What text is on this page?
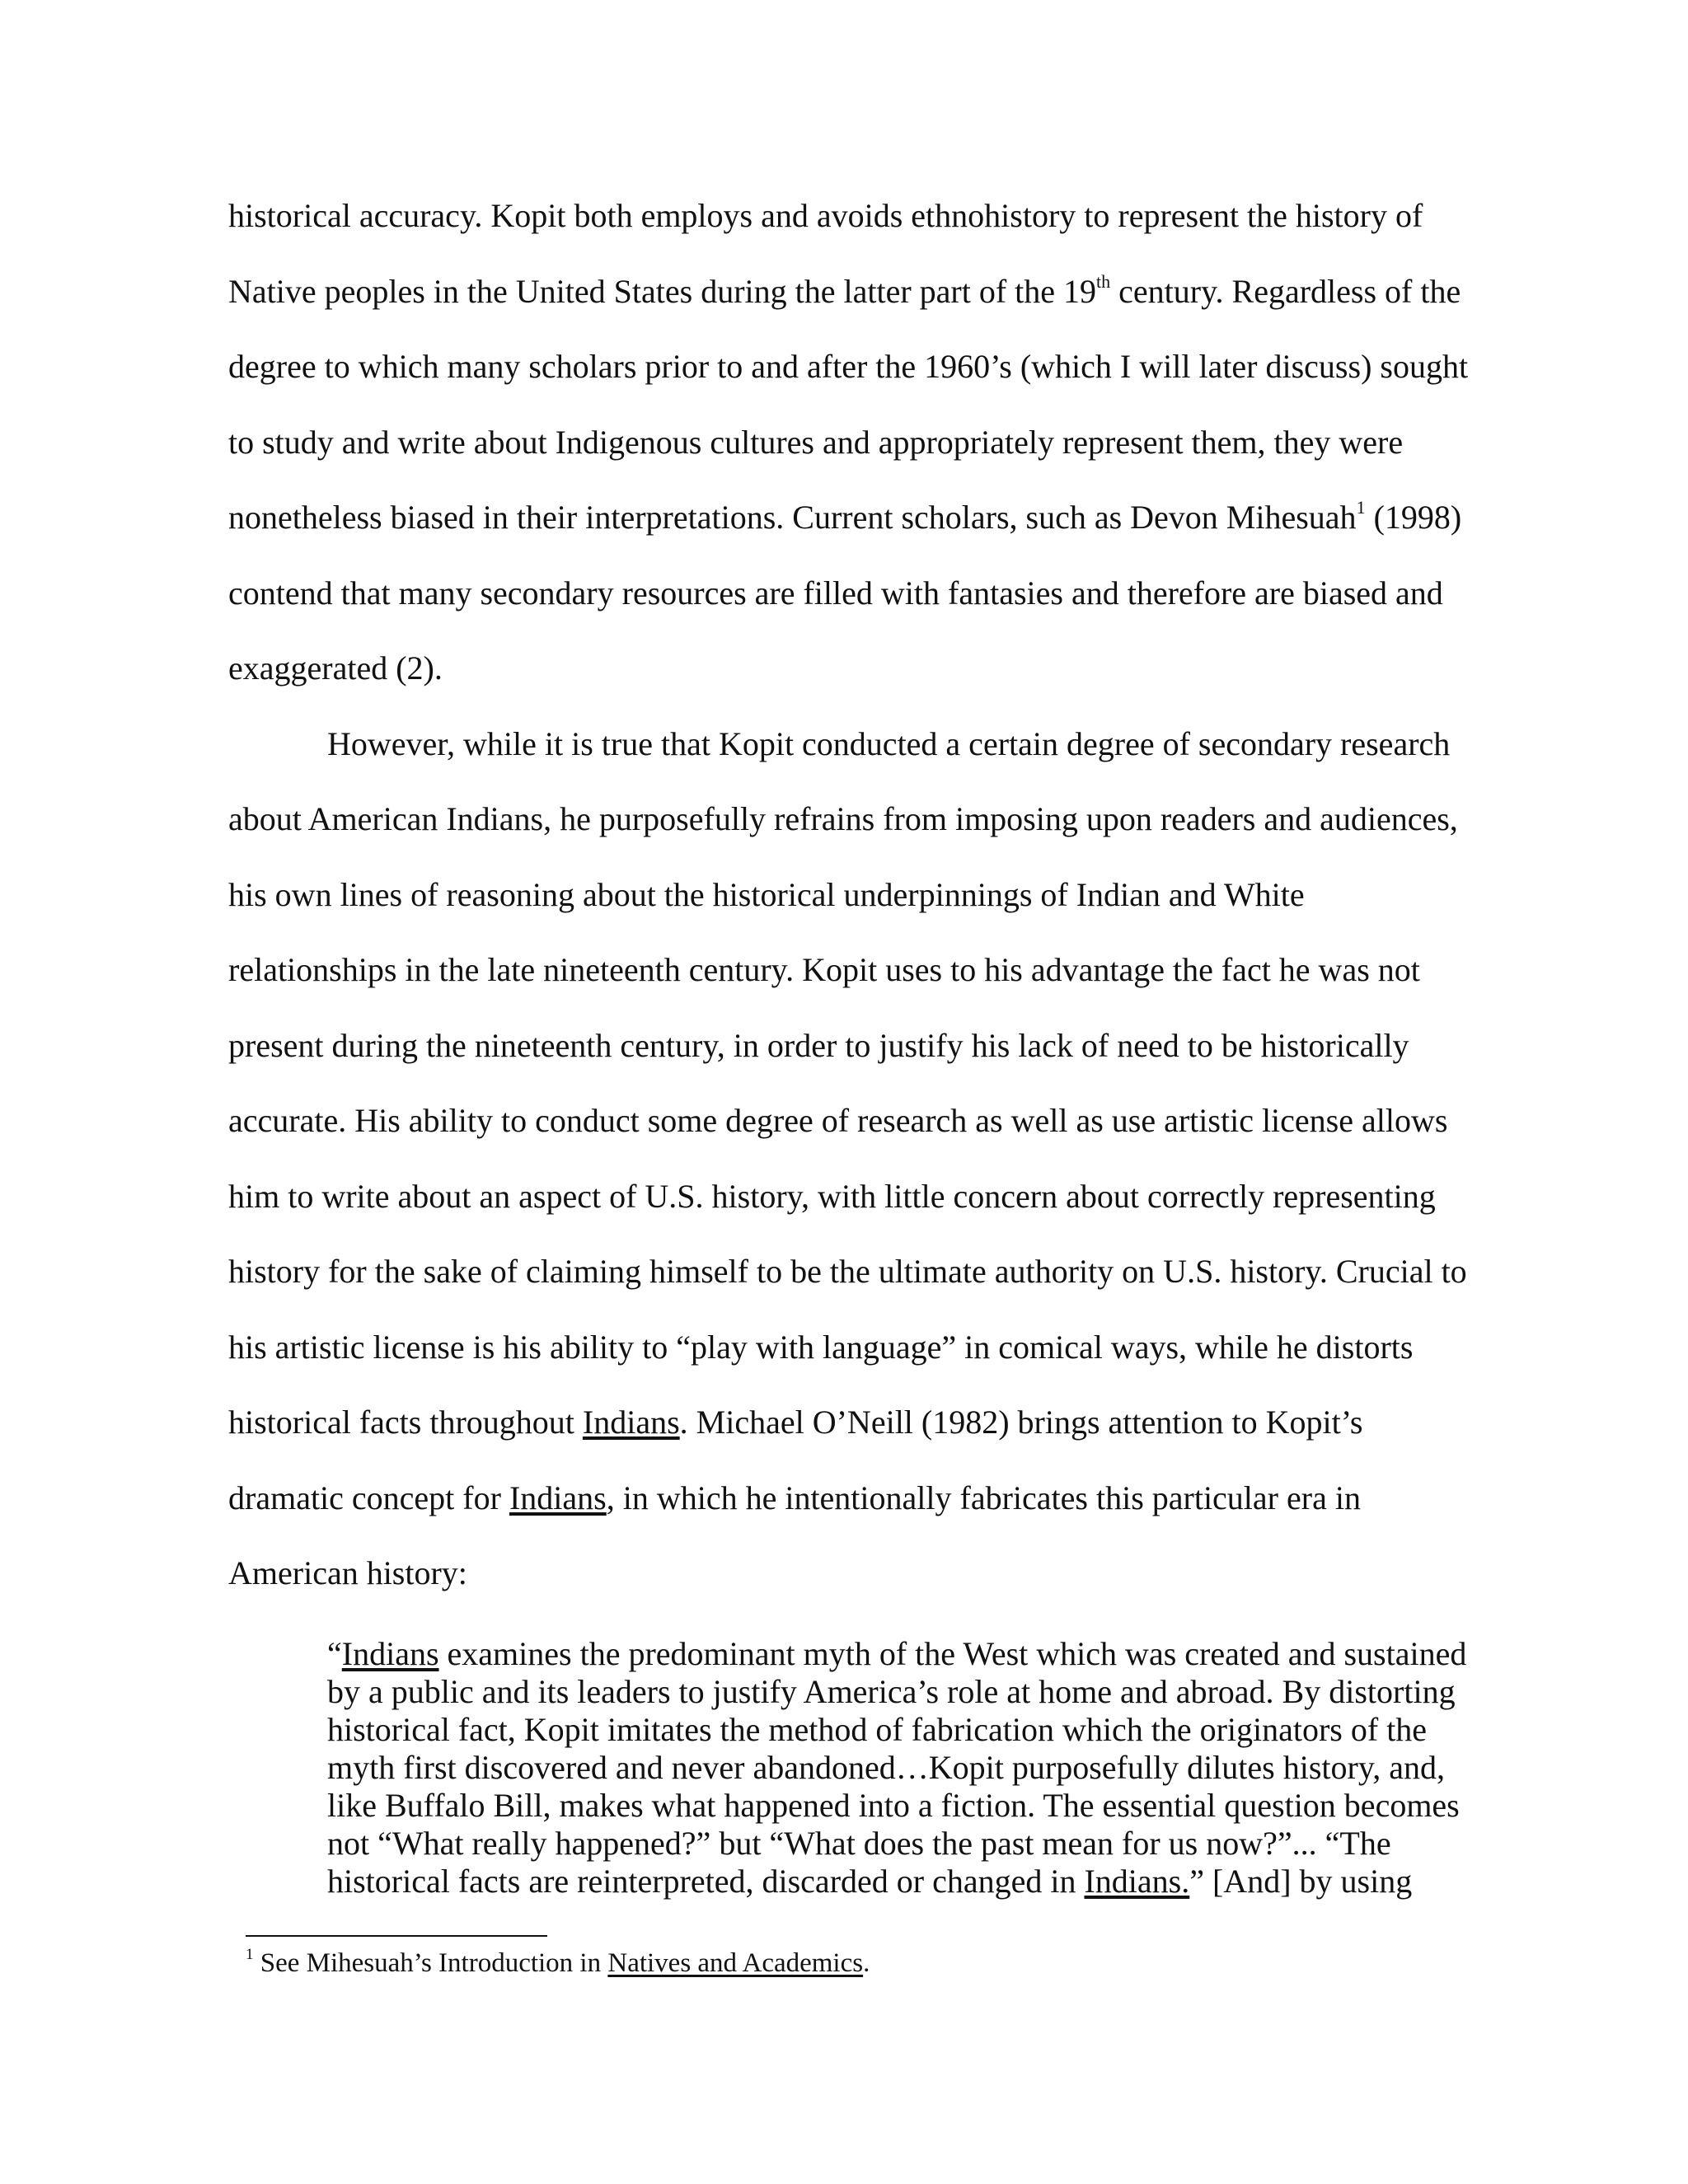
historical accuracy. Kopit both employs and avoids ethnohistory to represent the history of
Native peoples in the United States during the latter part of the 19th century. Regardless of the
degree to which many scholars prior to and after the 1960’s (which I will later discuss) sought
to study and write about Indigenous cultures and appropriately represent them, they were
nonetheless biased in their interpretations. Current scholars, such as Devon Mihesuah$^1$ (1998)
contend that many secondary resources are filled with fantasies and therefore are biased and
exaggerated (2).
However, while it is true that Kopit conducted a certain degree of secondary research
about American Indians, he purposefully refrains from imposing upon readers and audiences,
his own lines of reasoning about the historical underpinnings of Indian and White
relationships in the late nineteenth century. Kopit uses to his advantage the fact he was not
present during the nineteenth century, in order to justify his lack of need to be historically
accurate. His ability to conduct some degree of research as well as use artistic license allows
him to write about an aspect of U.S. history, with little concern about correctly representing
history for the sake of claiming himself to be the ultimate authority on U.S. history. Crucial to
his artistic license is his ability to “play with language” in comical ways, while he distorts
historical facts throughout Indians. Michael O’Neill (1982) brings attention to Kopit’s
dramatic concept for Indians, in which he intentionally fabricates this particular era in
American history:
“Indians examines the predominant myth of the West which was created and sustained
by a public and its leaders to justify America’s role at home and abroad. By distorting
historical fact, Kopit imitates the method of fabrication which the originators of the
myth first discovered and never abandoned…Kopit purposefully dilutes history, and,
like Buffalo Bill, makes what happened into a fiction. The essential question becomes
not “What really happened?” but “What does the past mean for us now?”... “The
historical facts are reinterpreted, discarded or changed in Indians.” [And] by using
$^1$ See Mihesuah’s Introduction in Natives and Academics.
